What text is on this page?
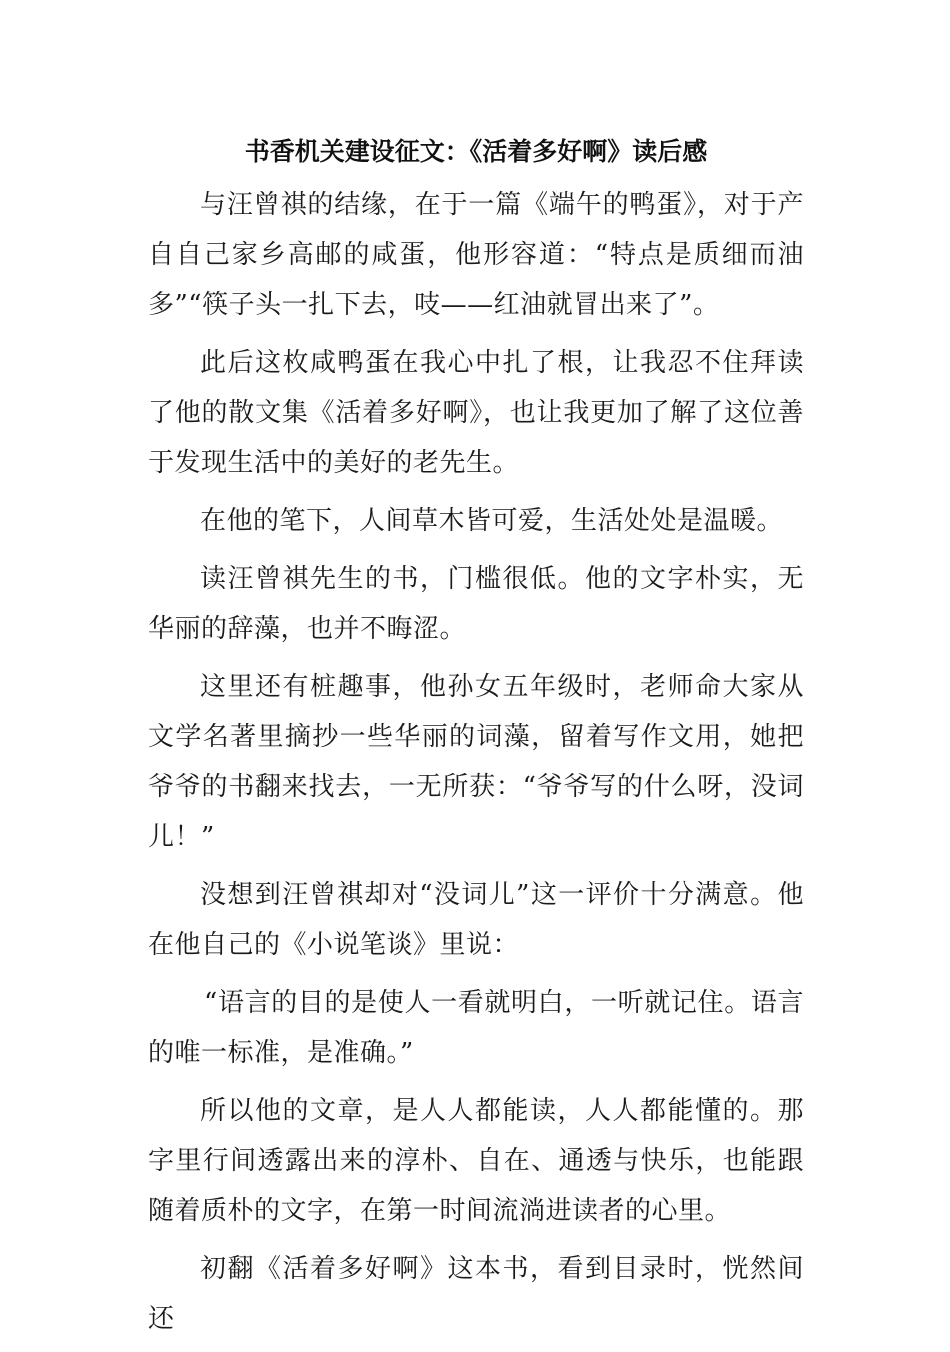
书香机关建设征文：《活着多好啊》读后感

与汪曾祺的结缘，在于一篇《端午的鸭蛋》，对于产自自己家乡高邮的咸蛋，他形容道：“特点是质细而油多”“筷子头一扎下去，吱——红油就冒出来了”。

此后这枚咸鸭蛋在我心中扎了根，让我忍不住拜读了他的散文集《活着多好啊》，也让我更加了解了这位善于发现生活中的美好的老先生。

在他的笔下，人间草木皆可爱，生活处处是温暖。

读汪曾祺先生的书，门槛很低。他的文字朴实，无华丽的辞藻，也并不晦涩。

这里还有桩趣事，他孙女五年级时，老师命大家从文学名著里摘抄一些华丽的词藻，留着写作文用，她把爷爷的书翻来找去，一无所获：“爷爷写的什么呀，没词儿！”

没想到汪曾祺却对“没词儿”这一评价十分满意。他在他自己的《小说笔谈》里说：

“语言的目的是使人一看就明白，一听就记住。语言的唯一标准，是准确。”

所以他的文章，是人人都能读，人人都能懂的。那字里行间透露出来的淳朴、自在、通透与快乐，也能跟随着质朴的文字，在第一时间流淌进读者的心里。

初翻《活着多好啊》这本书，看到目录时，恍然间还
